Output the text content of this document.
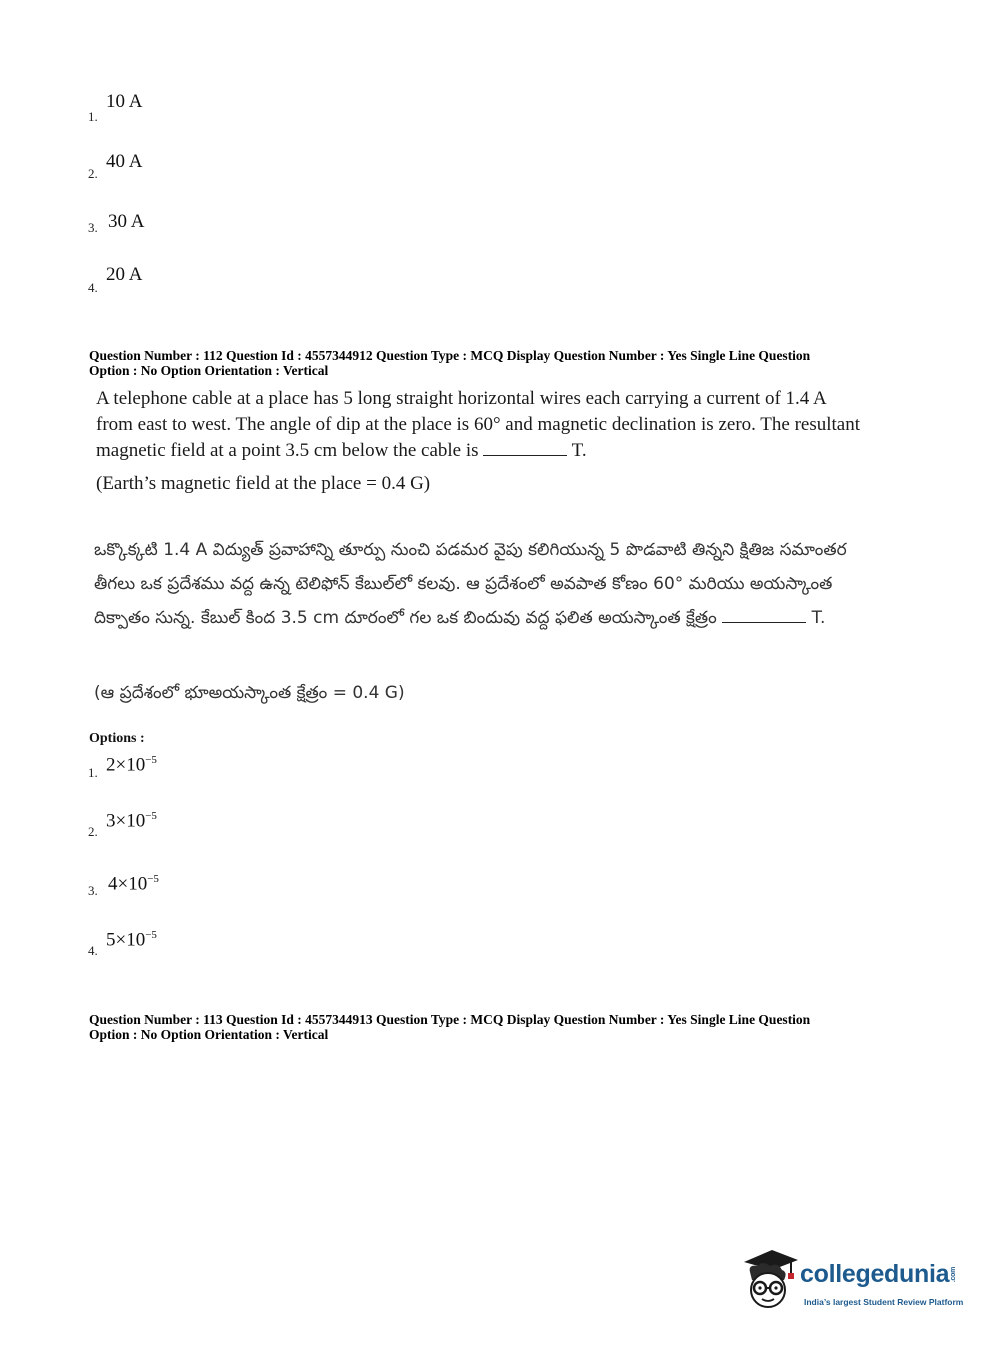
1.
10 A
2.
40 A
3. 30 A
4.
20 A
Question Number : 112 Question Id : 4557344912 Question Type : MCQ Display Question Number : Yes Single Line Question
Option : No Option Orientation : Vertical
A telephone cable at a place has 5 long straight horizontal wires each carrying a current of 1.4 A from east to west. The angle of dip at the place is 60° and magnetic declination is zero. The resultant magnetic field at a point 3.5 cm below the cable is	T.
(Earth’s magnetic field at the place = 0.4 G)
ఒక్కొక్కటి 1.4 A విద్యుత్ ప్రవాహాన్ని తూర్పు నుంచి పడమర వైపు కలిగియున్న 5 పొడవాటి తిన్నని క్షితిజ సమాంతర తీగలు ఒక ప్రదేశము వద్ద ఉన్న టెలిఫోన్ కేబుల్‌లో కలవు. ఆ ప్రదేశంలో అవపాత కోణం 60° మరియు అయస్కాంత దిక్పాతం సున్న. కేబుల్ కింద 3.5 cm దూరంలో గల ఒక బిందువు వద్ద ఫలిత అయస్కాంత క్షేత్రం	T.
(ఆ ప్రదేశంలో భూఅయస్కాంత క్షేత్రం = 0.4 G)
Options :
1. $2\times 10^{-5}$
2.
$3\times 10^{-5}$
3. $4\times 10^{-5}$
4.
$5\times 10^{-5}$
Question Number : 113 Question Id : 4557344913 Question Type : MCQ Display Question Number : Yes Single Line Question
Option : No Option Orientation : Vertical
collegedunia.com
India’s largest Student Review Platform
